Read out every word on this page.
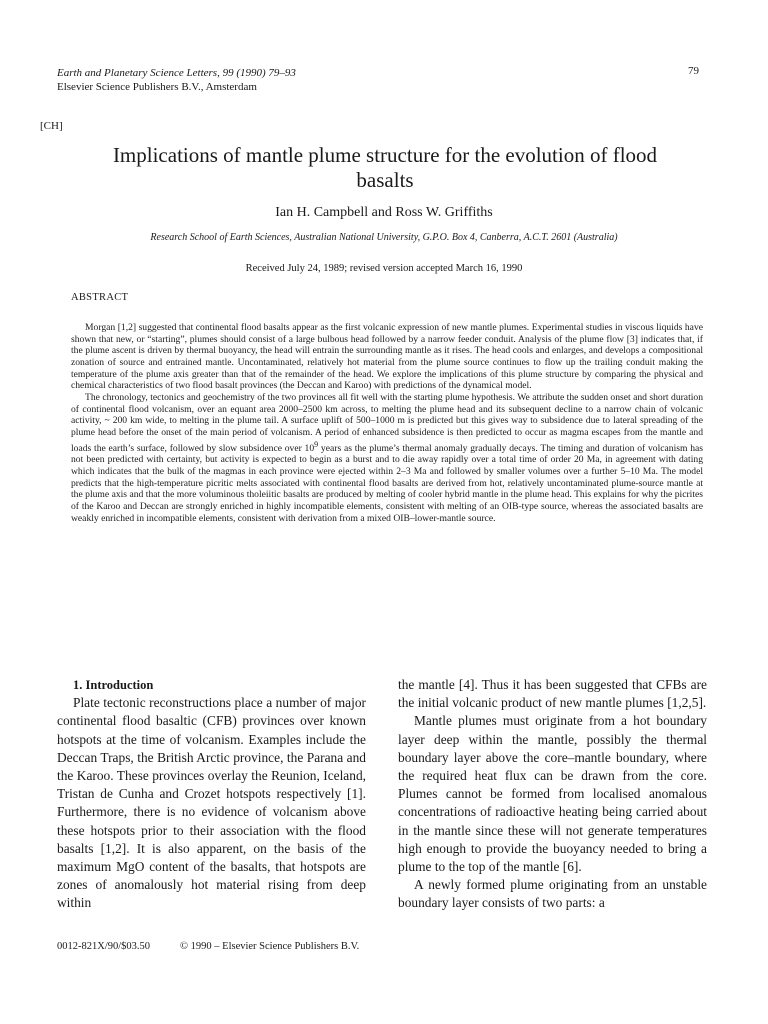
Earth and Planetary Science Letters, 99 (1990) 79–93
Elsevier Science Publishers B.V., Amsterdam
79
[CH]
Implications of mantle plume structure for the evolution of flood basalts
Ian H. Campbell and Ross W. Griffiths
Research School of Earth Sciences, Australian National University, G.P.O. Box 4, Canberra, A.C.T. 2601 (Australia)
Received July 24, 1989; revised version accepted March 16, 1990
ABSTRACT

Morgan [1,2] suggested that continental flood basalts appear as the first volcanic expression of new mantle plumes. Experimental studies in viscous liquids have shown that new, or “starting”, plumes should consist of a large bulbous head followed by a narrow feeder conduit. Analysis of the plume flow [3] indicates that, if the plume ascent is driven by thermal buoyancy, the head will entrain the surrounding mantle as it rises. The head cools and enlarges, and develops a compositional zonation of source and entrained mantle. Uncontaminated, relatively hot material from the plume source continues to flow up the trailing conduit making the temperature of the plume axis greater than that of the remainder of the head. We explore the implications of this plume structure by comparing the physical and chemical characteristics of two flood basalt provinces (the Deccan and Karoo) with predictions of the dynamical model.

The chronology, tectonics and geochemistry of the two provinces all fit well with the starting plume hypothesis. We attribute the sudden onset and short duration of continental flood volcanism, over an equant area 2000–2500 km across, to melting the plume head and its subsequent decline to a narrow chain of volcanic activity, ~ 200 km wide, to melting in the plume tail. A surface uplift of 500–1000 m is predicted but this gives way to subsidence due to lateral spreading of the plume head before the onset of the main period of volcanism. A period of enhanced subsidence is then predicted to occur as magma escapes from the mantle and loads the earth’s surface, followed by slow subsidence over $10^9$ years as the plume’s thermal anomaly gradually decays. The timing and duration of volcanism has not been predicted with certainty, but activity is expected to begin as a burst and to die away rapidly over a total time of order 20 Ma, in agreement with dating which indicates that the bulk of the magmas in each province were ejected within 2–3 Ma and followed by smaller volumes over a further 5–10 Ma. The model predicts that the high-temperature picritic melts associated with continental flood basalts are derived from hot, relatively uncontaminated plume-source mantle at the plume axis and that the more voluminous tholeiitic basalts are produced by melting of cooler hybrid mantle in the plume head. This explains for why the picrites of the Karoo and Deccan are strongly enriched in highly incompatible elements, consistent with melting of an OIB-type source, whereas the associated basalts are weakly enriched in incompatible elements, consistent with derivation from a mixed OIB–lower-mantle source.

1. Introduction

Plate tectonic reconstructions place a number of major continental flood basaltic (CFB) provinces over known hotspots at the time of volcanism. Examples include the Deccan Traps, the British Arctic province, the Parana and the Karoo. These provinces overlay the Reunion, Iceland, Tristan de Cunha and Crozet hotspots respectively [1]. Furthermore, there is no evidence of volcanism above these hotspots prior to their association with the flood basalts [1,2]. It is also apparent, on the basis of the maximum MgO content of the basalts, that hotspots are zones of anomalously hot material rising from deep within

the mantle [4]. Thus it has been suggested that CFBs are the initial volcanic product of new mantle plumes [1,2,5].

Mantle plumes must originate from a hot boundary layer deep within the mantle, possibly the thermal boundary layer above the core–mantle boundary, where the required heat flux can be drawn from the core. Plumes cannot be formed from localised anomalous concentrations of radioactive heating being carried about in the mantle since these will not generate temperatures high enough to provide the buoyancy needed to bring a plume to the top of the mantle [6].

A newly formed plume originating from an unstable boundary layer consists of two parts: a

0012-821X/90/$03.50	© 1990 – Elsevier Science Publishers B.V.
